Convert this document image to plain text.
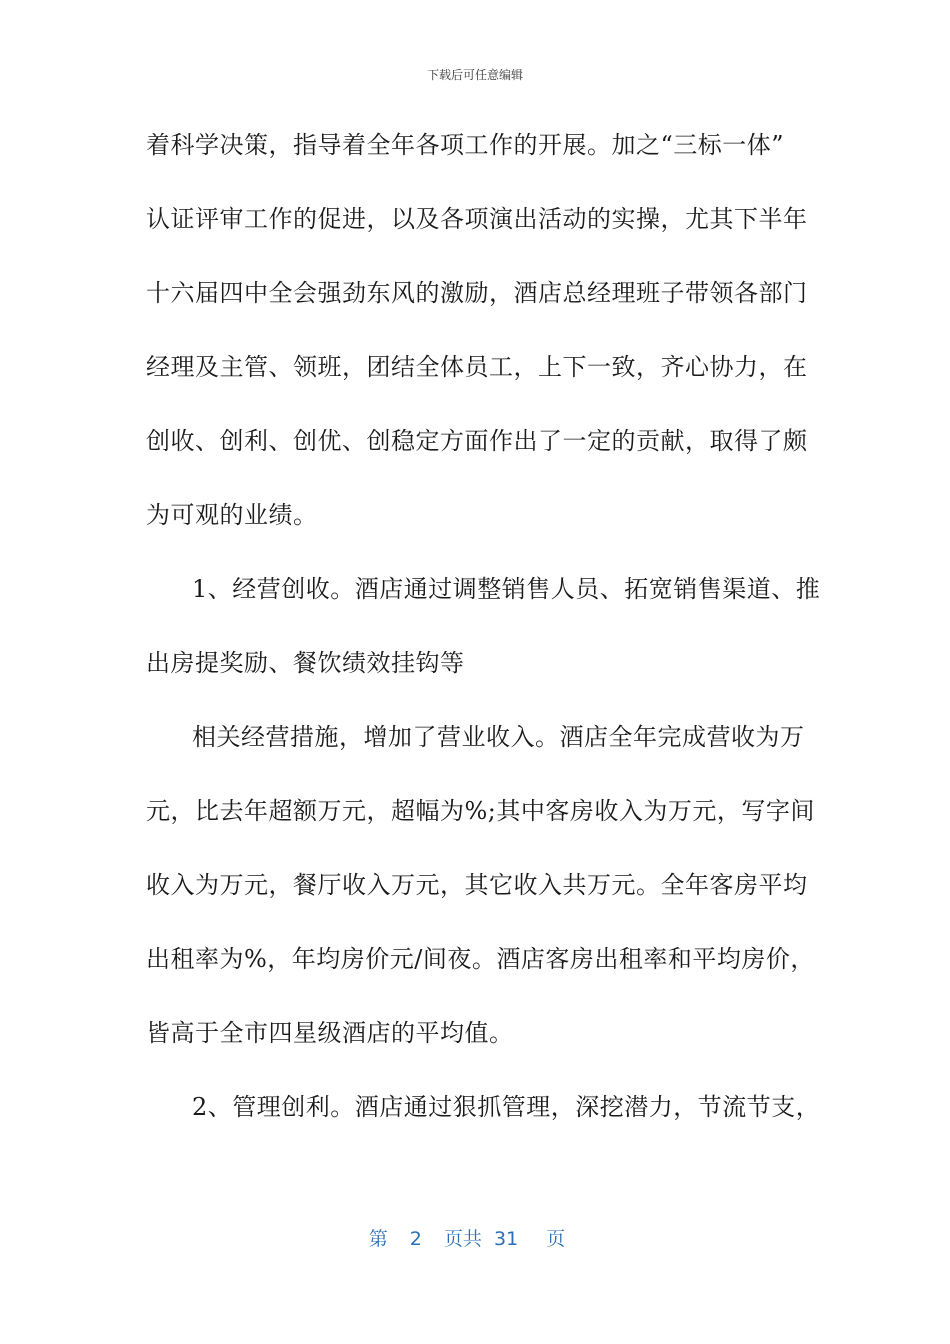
下载后可任意编辑
着科学决策，指导着全年各项工作的开展。加之“三标一体”
认证评审工作的促进，以及各项演出活动的实操，尤其下半年
十六届四中全会强劲东风的激励，酒店总经理班子带领各部门
经理及主管、领班，团结全体员工，上下一致，齐心协力，在
创收、创利、创优、创稳定方面作出了一定的贡献，取得了颇
为可观的业绩。
1、经营创收。酒店通过调整销售人员、拓宽销售渠道、推
出房提奖励、餐饮绩效挂钩等
相关经营措施，增加了营业收入。酒店全年完成营收为万
元，比去年超额万元，超幅为%;其中客房收入为万元，写字间
收入为万元，餐厅收入万元，其它收入共万元。全年客房平均
出租率为%，年均房价元/间夜。酒店客房出租率和平均房价，
皆高于全市四星级酒店的平均值。
2、管理创利。酒店通过狠抓管理，深挖潜力，节流节支，
第 2 页共 31 页
